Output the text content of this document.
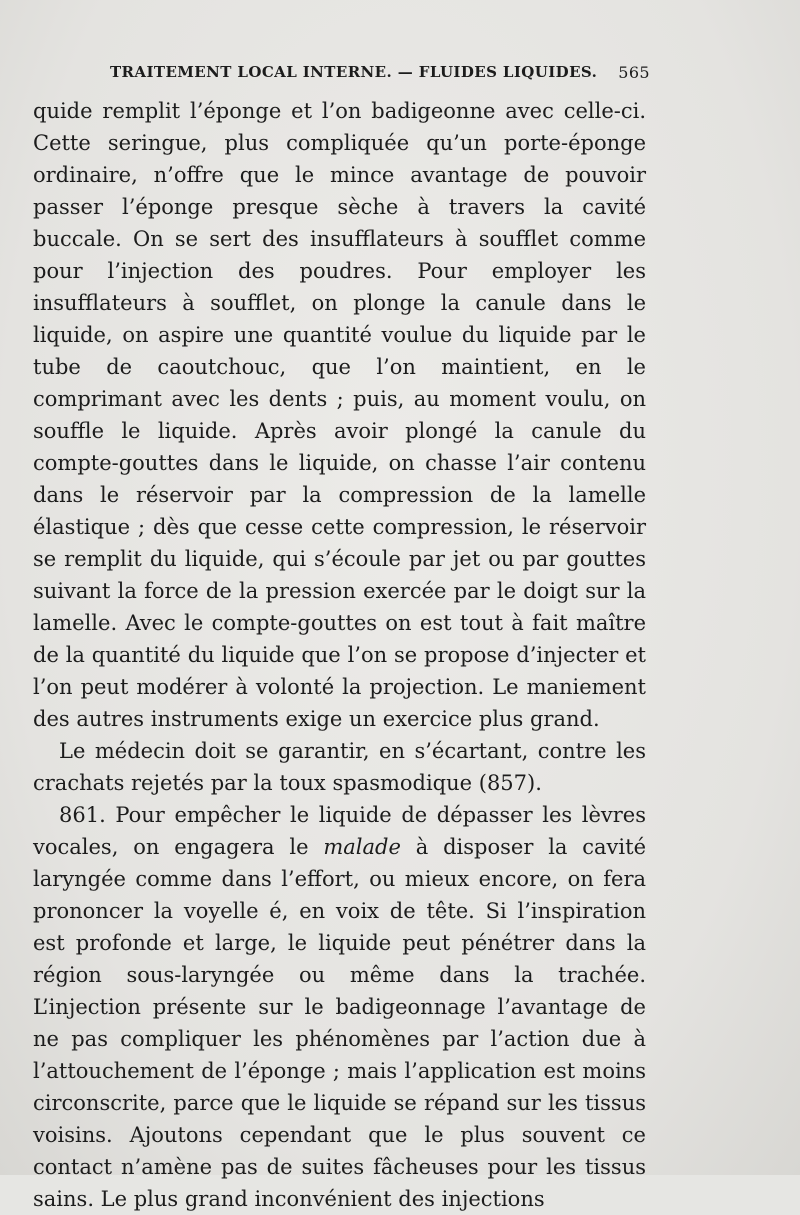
TRAITEMENT LOCAL INTERNE. — FLUIDES LIQUIDES. 565

quide remplit l’éponge et l’on badigeonne avec celle-ci. Cette seringue, plus compliquée qu’un porte-éponge ordinaire, n’offre que le mince avantage de pouvoir passer l’éponge presque sèche à travers la cavité buccale. On se sert des insufflateurs à soufflet comme pour l’injection des poudres. Pour employer les insufflateurs à soufflet, on plonge la canule dans le liquide, on aspire une quantité voulue du liquide par le tube de caoutchouc, que l’on maintient, en le comprimant avec les dents ; puis, au moment voulu, on souffle le liquide. Après avoir plongé la canule du compte-gouttes dans le liquide, on chasse l’air contenu dans le réservoir par la compression de la lamelle élastique ; dès que cesse cette compression, le réservoir se remplit du liquide, qui s’écoule par jet ou par gouttes suivant la force de la pression exercée par le doigt sur la lamelle. Avec le compte-gouttes on est tout à fait maître de la quantité du liquide que l’on se propose d’injecter et l’on peut modérer à volonté la projection. Le maniement des autres instruments exige un exercice plus grand.

Le médecin doit se garantir, en s’écartant, contre les crachats rejetés par la toux spasmodique (857).

861. Pour empêcher le liquide de dépasser les lèvres vocales, on engagera le malade à disposer la cavité laryngée comme dans l’effort, ou mieux encore, on fera prononcer la voyelle é, en voix de tête. Si l’inspiration est profonde et large, le liquide peut pénétrer dans la région sous-laryngée ou même dans la trachée. L’injection présente sur le badigeonnage l’avantage de ne pas compliquer les phénomènes par l’action due à l’attouchement de l’éponge ; mais l’application est moins circonscrite, parce que le liquide se répand sur les tissus voisins. Ajoutons cependant que le plus souvent ce contact n’amène pas de suites fâcheuses pour les tissus sains. Le plus grand inconvénient des injections
